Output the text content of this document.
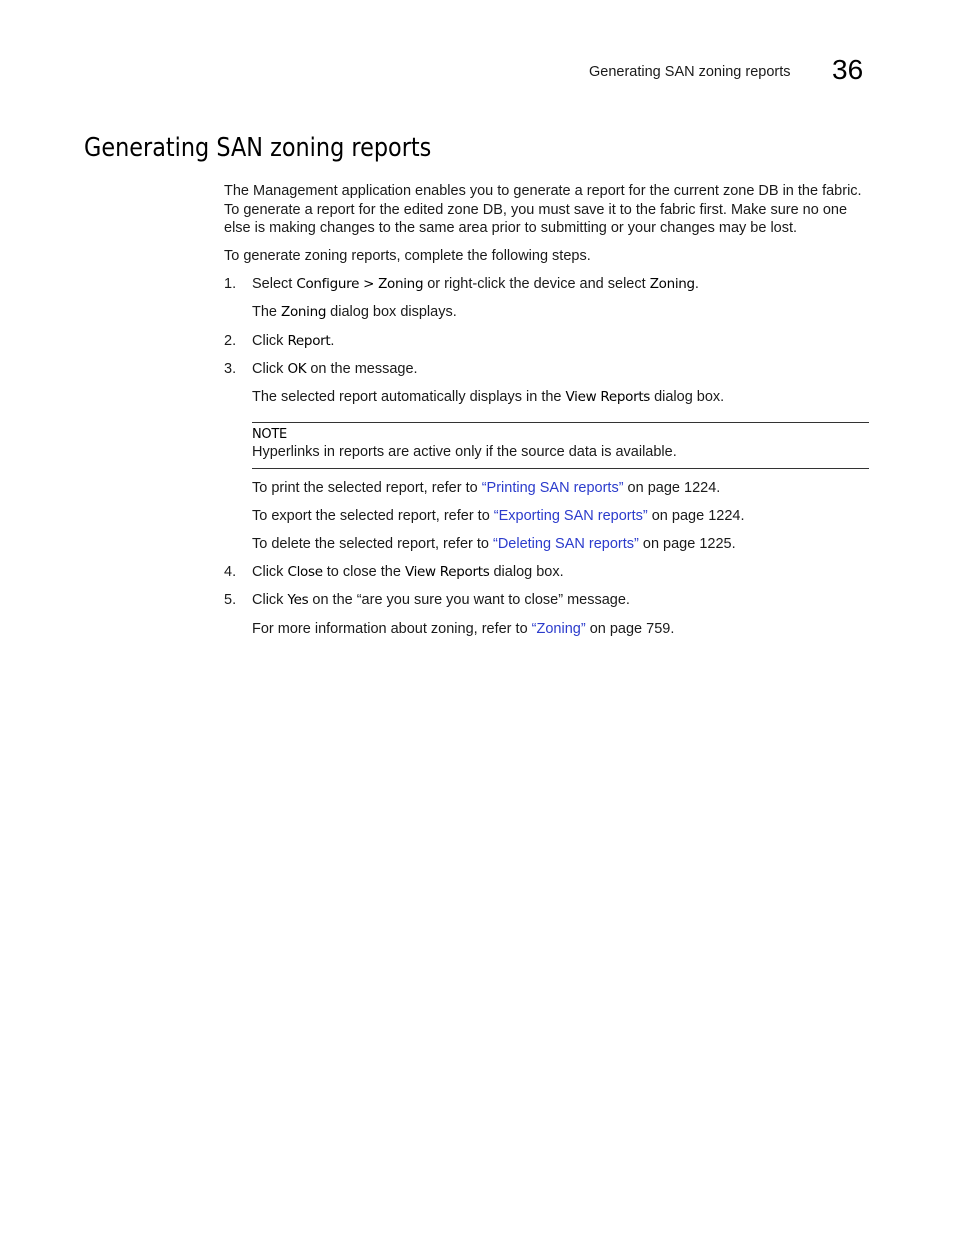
Generating SAN zoning reports 36
Generating SAN zoning reports

The Management application enables you to generate a report for the current zone DB in the fabric. To generate a report for the edited zone DB, you must save it to the fabric first. Make sure no one else is making changes to the same area prior to submitting or your changes may be lost.

To generate zoning reports, complete the following steps.
1. Select Configure > Zoning or right-click the device and select Zoning.
The Zoning dialog box displays.
2. Click Report.
3. Click OK on the message.
The selected report automatically displays in the View Reports dialog box.
NOTE
Hyperlinks in reports are active only if the source data is available.
To print the selected report, refer to “Printing SAN reports” on page 1224.
To export the selected report, refer to “Exporting SAN reports” on page 1224.
To delete the selected report, refer to “Deleting SAN reports” on page 1225.
4. Click Close to close the View Reports dialog box.
5. Click Yes on the “are you sure you want to close” message.
For more information about zoning, refer to “Zoning” on page 759.
